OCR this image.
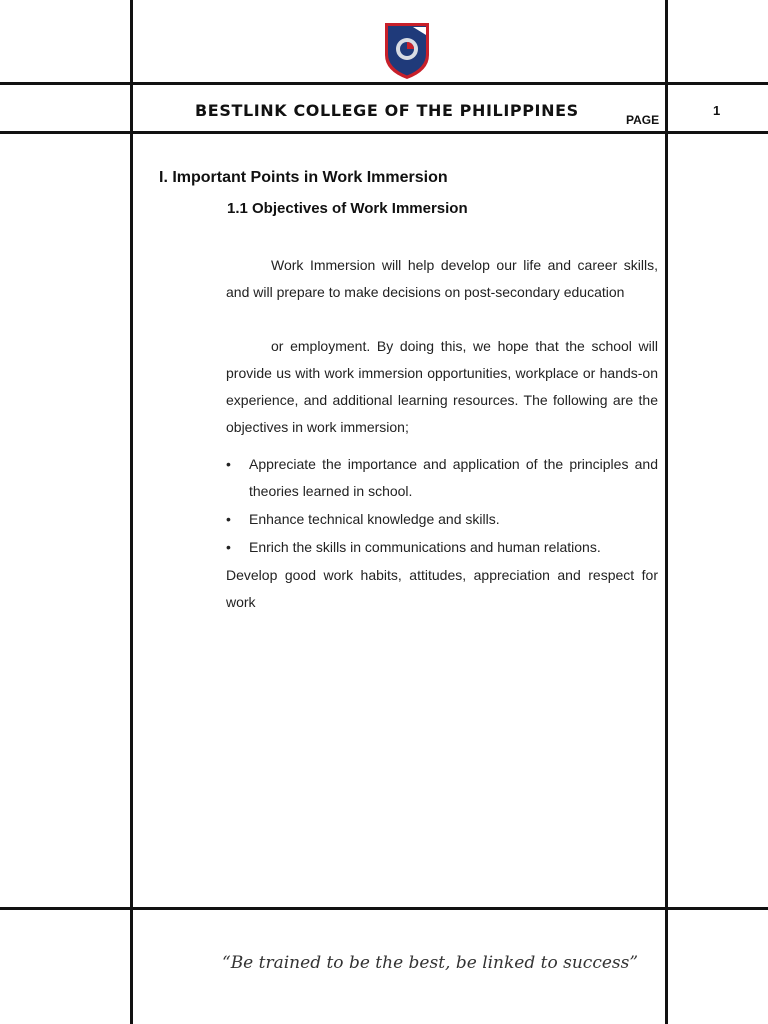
BESTLINK COLLEGE OF THE PHILIPPINES	PAGE
1
I. Important Points in Work Immersion
1.1 Objectives of Work Immersion

Work Immersion will help develop our life and career skills, and will prepare to make decisions on post-secondary education

or employment. By doing this, we hope that the school will provide us with work immersion opportunities, workplace or hands-on experience, and additional learning resources. The following are the objectives in work immersion;

• Appreciate the importance and application of the principles and theories learned in school.
• Enhance technical knowledge and skills.
• Enrich the skills in communications and human relations.

Develop good work habits, attitudes, appreciation and respect for work

“Be trained to be the best, be linked to success”
